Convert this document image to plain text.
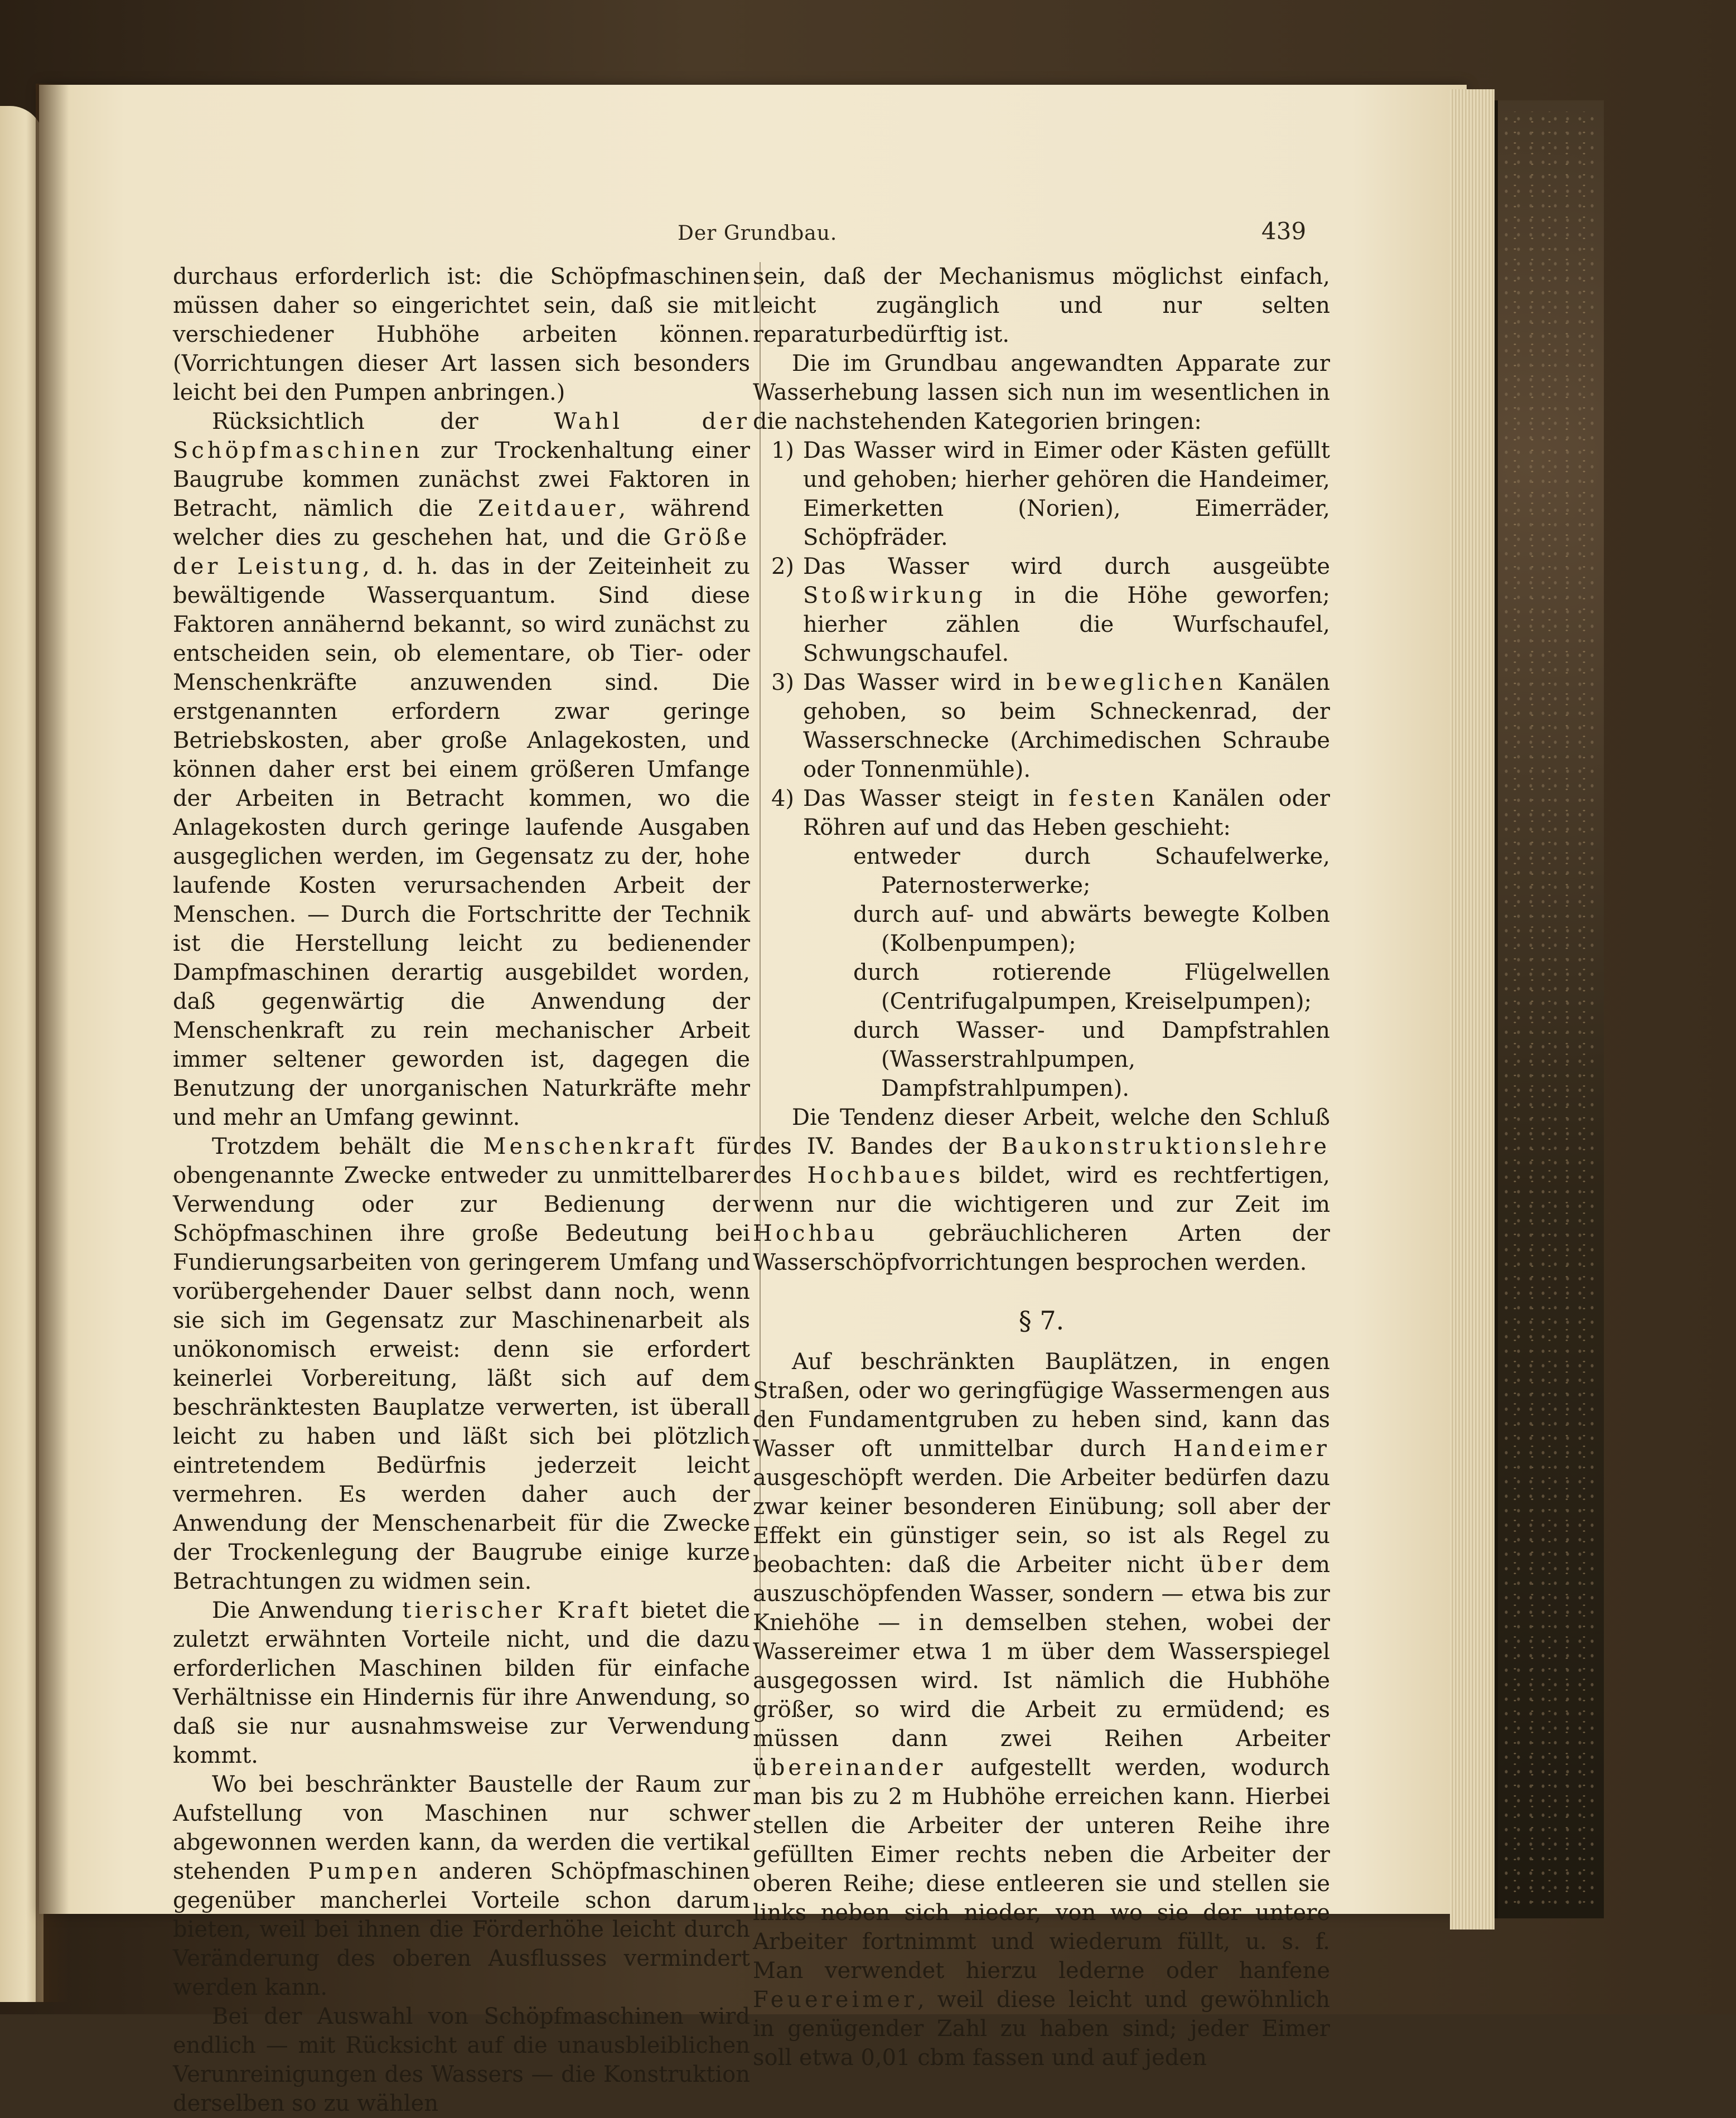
Der Grundbau.	439

durchaus erforderlich ist: die Schöpfmaschinen müssen daher so eingerichtet sein, daß sie mit verschiedener Hubhöhe arbeiten können. (Vorrichtungen dieser Art lassen sich besonders leicht bei den Pumpen anbringen.)

Rücksichtlich der Wahl der Schöpfmaschinen zur Trockenhaltung einer Baugrube kommen zunächst zwei Faktoren in Betracht, nämlich die Zeitdauer, während welcher dies zu geschehen hat, und die Größe der Leistung, d. h. das in der Zeiteinheit zu bewältigende Wasserquantum. Sind diese Faktoren annähernd bekannt, so wird zunächst zu entscheiden sein, ob elementare, ob Tier- oder Menschenkräfte anzuwenden sind. Die erstgenannten erfordern zwar geringe Betriebskosten, aber große Anlagekosten, und können daher erst bei einem größeren Umfange der Arbeiten in Betracht kommen, wo die Anlagekosten durch geringe laufende Ausgaben ausgeglichen werden, im Gegensatz zu der, hohe laufende Kosten verursachenden Arbeit der Menschen. — Durch die Fortschritte der Technik ist die Herstellung leicht zu bedienender Dampfmaschinen derartig ausgebildet worden, daß gegenwärtig die Anwendung der Menschenkraft zu rein mechanischer Arbeit immer seltener geworden ist, dagegen die Benutzung der unorganischen Naturkräfte mehr und mehr an Umfang gewinnt.

Trotzdem behält die Menschenkraft für obengenannte Zwecke entweder zu unmittelbarer Verwendung oder zur Bedienung der Schöpfmaschinen ihre große Bedeutung bei Fundierungsarbeiten von geringerem Umfang und vorübergehender Dauer selbst dann noch, wenn sie sich im Gegensatz zur Maschinenarbeit als unökonomisch erweist: denn sie erfordert keinerlei Vorbereitung, läßt sich auf dem beschränktesten Bauplatze verwerten, ist überall leicht zu haben und läßt sich bei plötzlich eintretendem Bedürfnis jederzeit leicht vermehren. Es werden daher auch der Anwendung der Menschenarbeit für die Zwecke der Trockenlegung der Baugrube einige kurze Betrachtungen zu widmen sein.

Die Anwendung tierischer Kraft bietet die zuletzt erwähnten Vorteile nicht, und die dazu erforderlichen Maschinen bilden für einfache Verhältnisse ein Hindernis für ihre Anwendung, so daß sie nur ausnahmsweise zur Verwendung kommt.

Wo bei beschränkter Baustelle der Raum zur Aufstellung von Maschinen nur schwer abgewonnen werden kann, da werden die vertikal stehenden Pumpen anderen Schöpfmaschinen gegenüber mancherlei Vorteile schon darum bieten, weil bei ihnen die Förderhöhe leicht durch Veränderung des oberen Ausflusses vermindert werden kann.

Bei der Auswahl von Schöpfmaschinen wird endlich — mit Rücksicht auf die unausbleiblichen Verunreinigungen des Wassers — die Konstruktion derselben so zu wählen

sein, daß der Mechanismus möglichst einfach, leicht zugänglich und nur selten reparaturbedürftig ist.

Die im Grundbau angewandten Apparate zur Wasserhebung lassen sich nun im wesentlichen in die nachstehenden Kategorien bringen:

1) Das Wasser wird in Eimer oder Kästen gefüllt und gehoben; hierher gehören die Handeimer, Eimerketten (Norien), Eimerräder, Schöpfräder.
2) Das Wasser wird durch ausgeübte Stoßwirkung in die Höhe geworfen; hierher zählen die Wurfschaufel, Schwungschaufel.
3) Das Wasser wird in beweglichen Kanälen gehoben, so beim Schneckenrad, der Wasserschnecke (Archimedischen Schraube oder Tonnenmühle).
4) Das Wasser steigt in festen Kanälen oder Röhren auf und das Heben geschieht:
entweder durch Schaufelwerke, Paternosterwerke;
durch auf- und abwärts bewegte Kolben (Kolbenpumpen);
durch rotierende Flügelwellen (Centrifugalpumpen, Kreiselpumpen);
durch Wasser- und Dampfstrahlen (Wasserstrahlpumpen, Dampfstrahlpumpen).

Die Tendenz dieser Arbeit, welche den Schluß des IV. Bandes der Baukonstruktionslehre des Hochbaues bildet, wird es rechtfertigen, wenn nur die wichtigeren und zur Zeit im Hochbau gebräuchlicheren Arten der Wasserschöpfvorrichtungen besprochen werden.

§ 7.

Auf beschränkten Bauplätzen, in engen Straßen, oder wo geringfügige Wassermengen aus den Fundamentgruben zu heben sind, kann das Wasser oft unmittelbar durch Handeimer ausgeschöpft werden. Die Arbeiter bedürfen dazu zwar keiner besonderen Einübung; soll aber der Effekt ein günstiger sein, so ist als Regel zu beobachten: daß die Arbeiter nicht über dem auszuschöpfenden Wasser, sondern — etwa bis zur Kniehöhe — in demselben stehen, wobei der Wassereimer etwa 1 m über dem Wasserspiegel ausgegossen wird. Ist nämlich die Hubhöhe größer, so wird die Arbeit zu ermüdend; es müssen dann zwei Reihen Arbeiter übereinander aufgestellt werden, wodurch man bis zu 2 m Hubhöhe erreichen kann. Hierbei stellen die Arbeiter der unteren Reihe ihre gefüllten Eimer rechts neben die Arbeiter der oberen Reihe; diese entleeren sie und stellen sie links neben sich nieder, von wo sie der untere Arbeiter fortnimmt und wiederum füllt, u. s. f. Man verwendet hierzu lederne oder hanfene Feuereimer, weil diese leicht und gewöhnlich in genügender Zahl zu haben sind; jeder Eimer soll etwa 0,01 cbm fassen und auf jeden
